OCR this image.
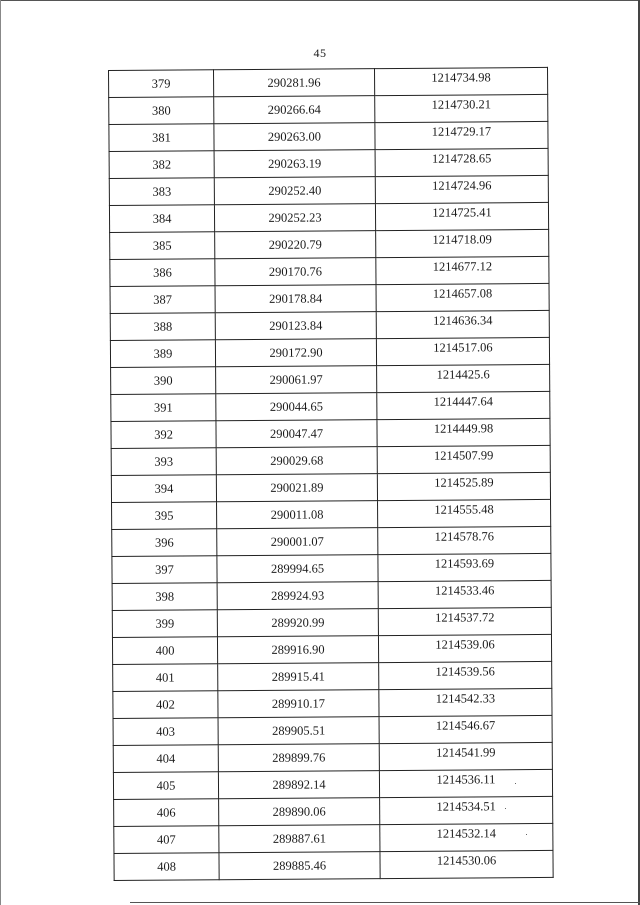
45
379	290281.96	1214734.98
380	290266.64	1214730.21
381	290263.00	1214729.17
382	290263.19	1214728.65
383	290252.40	1214724.96
384	290252.23	1214725.41
385	290220.79	1214718.09
386	290170.76	1214677.12
387	290178.84	1214657.08
388	290123.84	1214636.34
389	290172.90	1214517.06
390	290061.97	1214425.6
391	290044.65	1214447.64
392	290047.47	1214449.98
393	290029.68	1214507.99
394	290021.89	1214525.89
395	290011.08	1214555.48
396	290001.07	1214578.76
397	289994.65	1214593.69
398	289924.93	1214533.46
399	289920.99	1214537.72
400	289916.90	1214539.06
401	289915.41	1214539.56
402	289910.17	1214542.33
403	289905.51	1214546.67
404	289899.76	1214541.99
405	289892.14	1214536.11
406	289890.06	1214534.51
407	289887.61	1214532.14
408	289885.46	1214530.06
